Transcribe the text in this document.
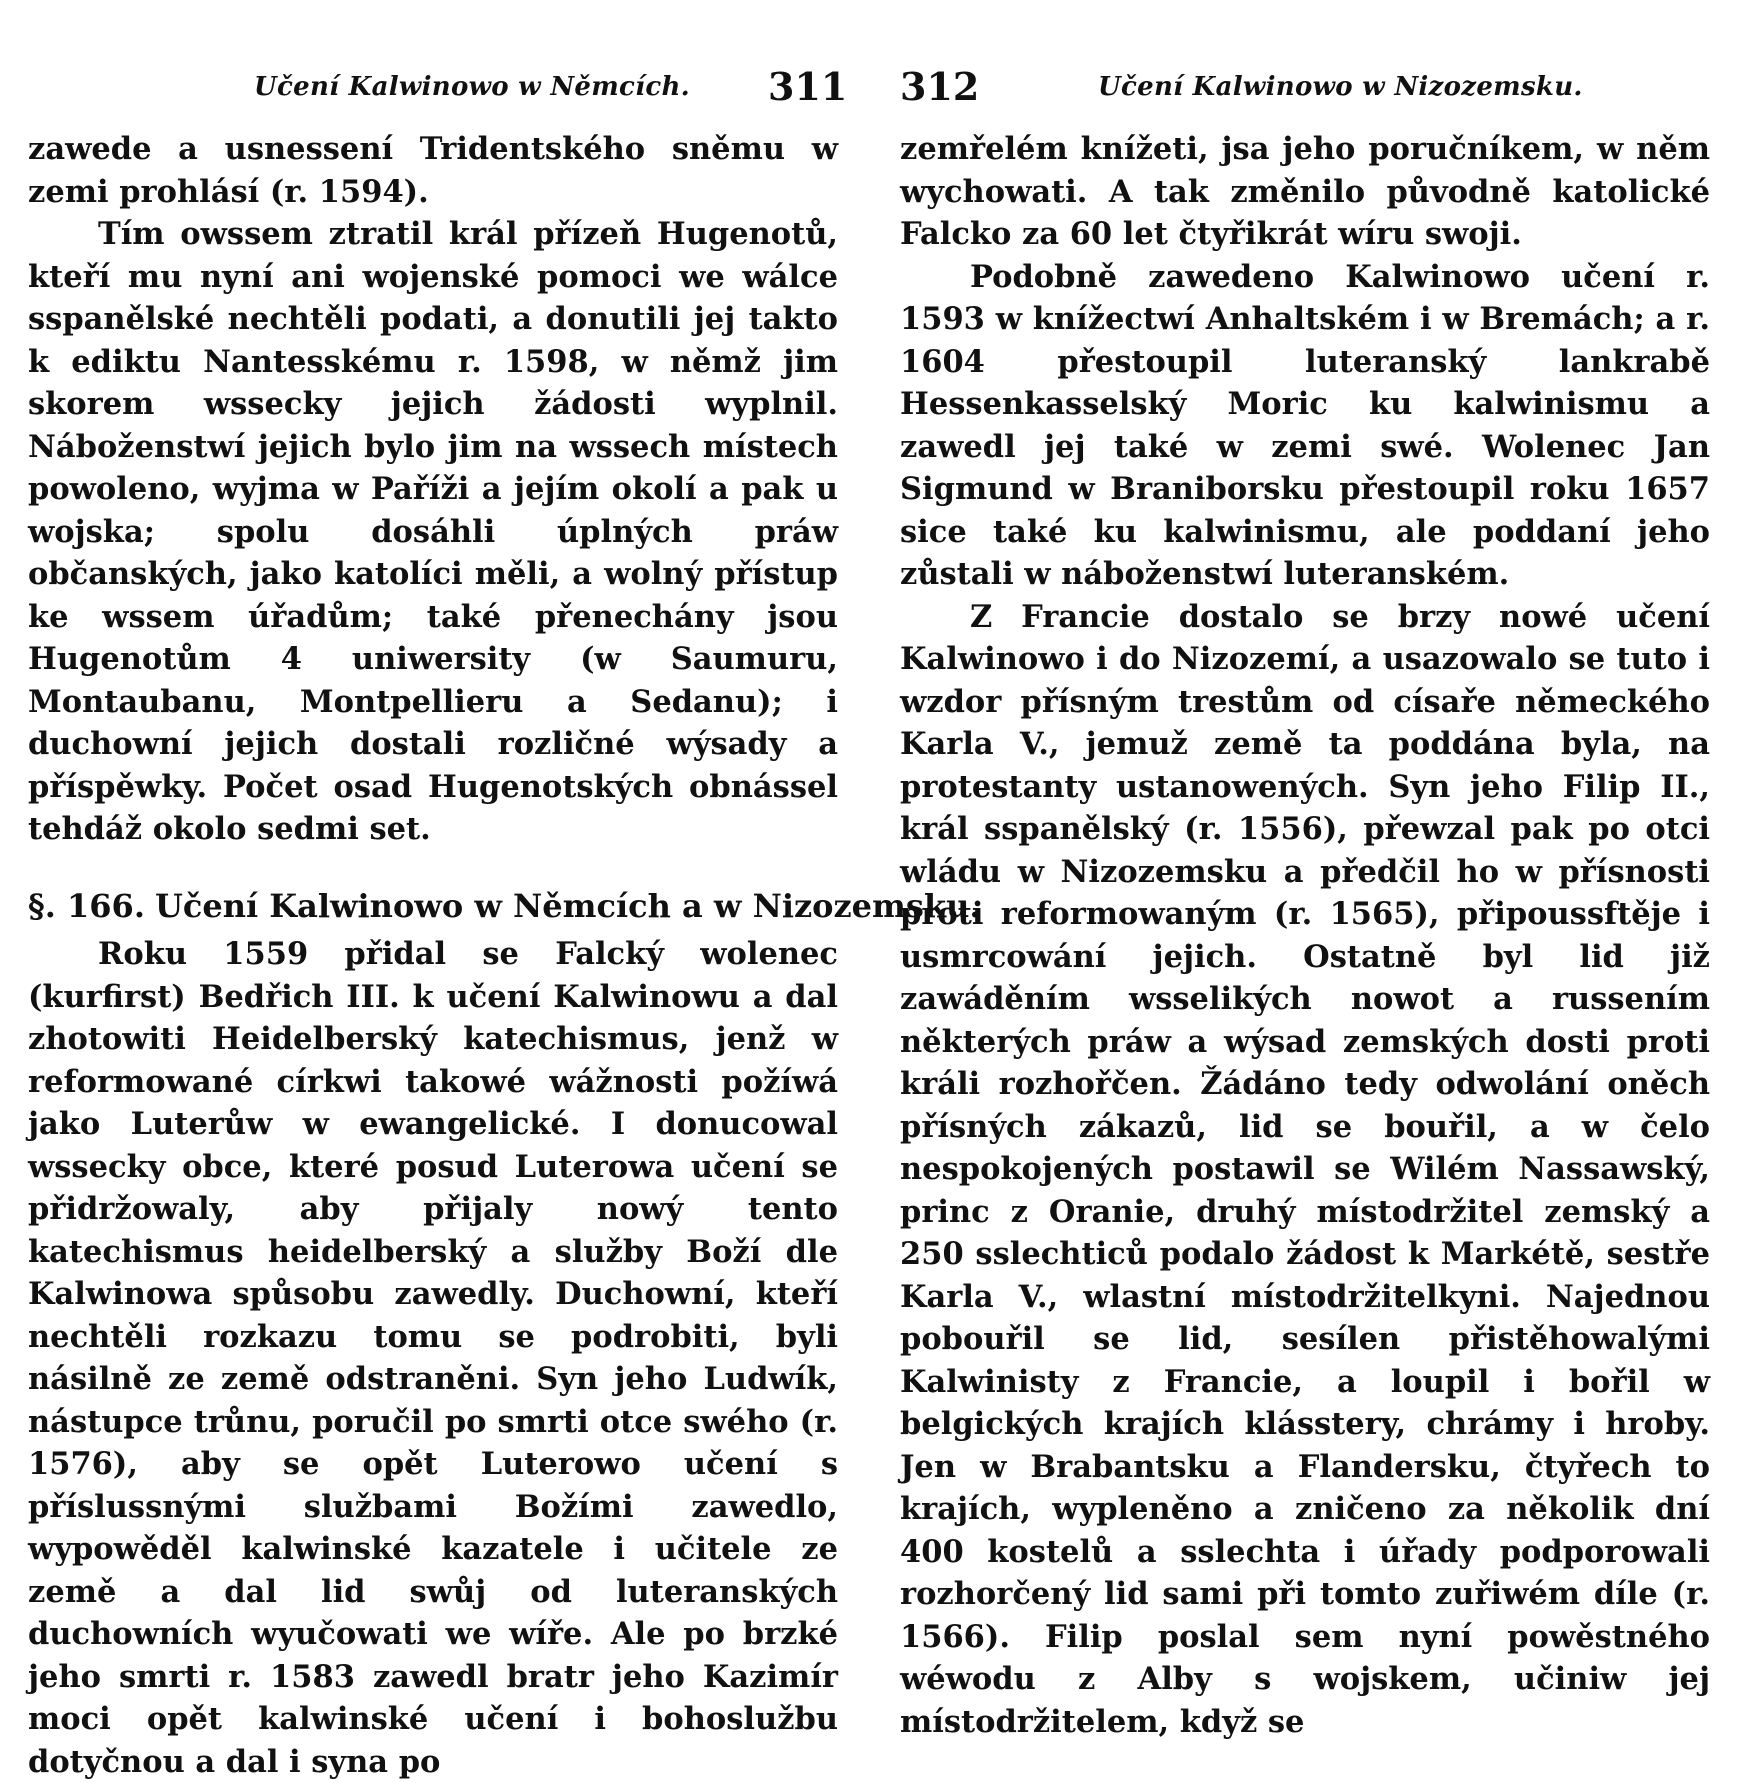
Učení Kalwinowo w Němcích. 311

zawede a usnessení Tridentského sněmu w zemi prohlásí (r. 1594).

Tím owssem ztratil král přízeň Hugenotů, kteří mu nyní ani wojenské pomoci we wálce sspanělské nechtěli podati, a donutili jej takto k ediktu Nantesskému r. 1598, w němž jim skorem wssecky jejich žádosti wyplnil. Náboženstwí jejich bylo jim na wssech místech powoleno, wyjma w Paříži a jejím okolí a pak u wojska; spolu dosáhli úplných práw občanských, jako katolíci měli, a wolný přístup ke wssem úřadům; také přenechány jsou Hugenotům 4 uniwersity (w Saumuru, Montaubanu, Montpellieru a Sedanu); i duchowní jejich dostali rozličné wýsady a příspěwky. Počet osad Hugenotských obnássel tehdáž okolo sedmi set.

§. 166. Učení Kalwinowo w Němcích a w Nizozemsku.

Roku 1559 přidal se Falcký wolenec (kurfirst) Bedřich III. k učení Kalwinowu a dal zhotowiti Heidelberský katechismus, jenž w reformowané církwi takowé wážnosti požíwá jako Luterůw w ewangelické. I donucowal wssecky obce, které posud Luterowa učení se přidržowaly, aby přijaly nowý tento katechismus heidelberský a služby Boží dle Kalwinowa spůsobu zawedly. Duchowní, kteří nechtěli rozkazu tomu se podrobiti, byli násilně ze země odstraněni. Syn jeho Ludwík, nástupce trůnu, poručil po smrti otce swého (r. 1576), aby se opět Luterowo učení s příslussnými službami Božími zawedlo, wypowěděl kalwinské kazatele i učitele ze země a dal lid swůj od luteranských duchowních wyučowati we wíře. Ale po brzké jeho smrti r. 1583 zawedl bratr jeho Kazimír moci opět kalwinské učení i bohoslužbu dotyčnou a dal i syna po

312	Učení Kalwinowo w Nizozemsku.

zemřelém knížeti, jsa jeho poručníkem, w něm wychowati. A tak změnilo původně katolické Falcko za 60 let čtyřikrát wíru swoji.

Podobně zawedeno Kalwinowo učení r. 1593 w knížectwí Anhaltském i w Bremách; a r. 1604 přestoupil luteranský lankrabě Hessenkasselský Moric ku kalwinismu a zawedl jej také w zemi swé. Wolenec Jan Sigmund w Braniborsku přestoupil roku 1657 sice také ku kalwinismu, ale poddaní jeho zůstali w náboženstwí luteranském.

Z Francie dostalo se brzy nowé učení Kalwinowo i do Nizozemí, a usazowalo se tuto i wzdor přísným trestům od císaře německého Karla V., jemuž země ta poddána byla, na protestanty ustanowených. Syn jeho Filip II., král sspanělský (r. 1556), přewzal pak po otci wládu w Nizozemsku a předčil ho w přísnosti proti reformowaným (r. 1565), připoussftěje i usmrcowání jejich. Ostatně byl lid již zawáděním wsselikých nowot a russením některých práw a wýsad zemských dosti proti králi rozhořčen. Žádáno tedy odwolání oněch přísných zákazů, lid se bouřil, a w čelo nespokojených postawil se Wilém Nassawský, princ z Oranie, druhý místodržitel zemský a 250 sslechticů podalo žádost k Markétě, sestře Karla V., wlastní místodržitelkyni. Najednou pobouřil se lid, sesílen přistěhowalými Kalwinisty z Francie, a loupil i bořil w belgických krajích klásstery, chrámy i hroby. Jen w Brabantsku a Flandersku, čtyřech to krajích, wypleněno a zničeno za několik dní 400 kostelů a sslechta i úřady podporowali rozhorčený lid sami při tomto zuřiwém díle (r. 1566). Filip poslal sem nyní powěstného wéwodu z Alby s wojskem, učiniw jej místodržitelem, když se
